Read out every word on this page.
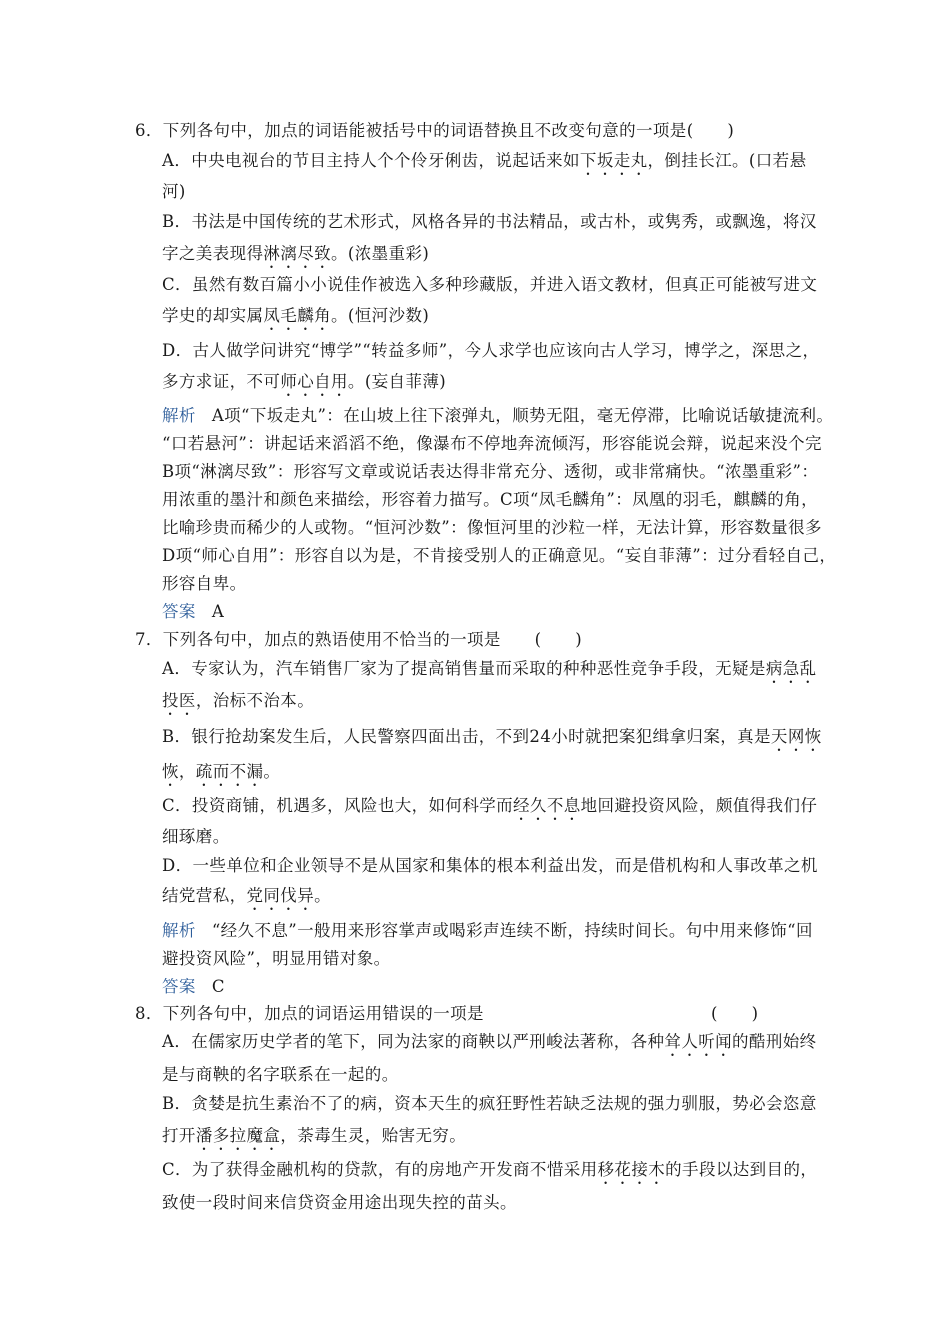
6．下列各句中，加点的词语能被括号中的词语替换且不改变句意的一项是(　　)
A．中央电视台的节目主持人个个伶牙俐齿，说起话来如下坂走丸，倒挂长江。(口若悬
河)
B．书法是中国传统的艺术形式，风格各异的书法精品，或古朴，或隽秀，或飘逸，将汉
字之美表现得淋漓尽致。(浓墨重彩)
C．虽然有数百篇小小说佳作被选入多种珍藏版，并进入语文教材，但真正可能被写进文
学史的却实属凤毛麟角。(恒河沙数)
D．古人做学问讲究“博学”“转益多师”，今人求学也应该向古人学习，博学之，深思之，
多方求证，不可师心自用。(妄自菲薄)
解析 A项“下坂走丸”：在山坡上往下滚弹丸，顺势无阻，毫无停滞，比喻说话敏捷流利。
“口若悬河”：讲起话来滔滔不绝，像瀑布不停地奔流倾泻，形容能说会辩，说起来没个完
B项“淋漓尽致”：形容写文章或说话表达得非常充分、透彻，或非常痛快。“浓墨重彩”：
用浓重的墨汁和颜色来描绘，形容着力描写。C项“凤毛麟角”：凤凰的羽毛，麒麟的角，
比喻珍贵而稀少的人或物。“恒河沙数”：像恒河里的沙粒一样，无法计算，形容数量很多
D项“师心自用”：形容自以为是，不肯接受别人的正确意见。“妄自菲薄”：过分看轻自己，
形容自卑。
答案 A
7．下列各句中，加点的熟语使用不恰当的一项是　　(　　)
A．专家认为，汽车销售厂家为了提高销售量而采取的种种恶性竞争手段，无疑是病急乱
投医，治标不治本。
B．银行抢劫案发生后，人民警察四面出击，不到24小时就把案犯缉拿归案，真是天网恢
恢，疏而不漏。
C．投资商铺，机遇多，风险也大，如何科学而经久不息地回避投资风险，颇值得我们仔
细琢磨。
D．一些单位和企业领导不是从国家和集体的根本利益出发，而是借机构和人事改革之机
结党营私，党同伐异。
解析 “经久不息”一般用来形容掌声或喝彩声连续不断，持续时间长。句中用来修饰“回
避投资风险”，明显用错对象。
答案 C
8．下列各句中，加点的词语运用错误的一项是	(　　)
A．在儒家历史学者的笔下，同为法家的商鞅以严刑峻法著称，各种耸人听闻的酷刑始终
是与商鞅的名字联系在一起的。
B．贪婪是抗生素治不了的病，资本天生的疯狂野性若缺乏法规的强力驯服，势必会恣意
打开潘多拉魔盒，荼毒生灵，贻害无穷。
C．为了获得金融机构的贷款，有的房地产开发商不惜采用移花接木的手段以达到目的，
致使一段时间来信贷资金用途出现失控的苗头。
